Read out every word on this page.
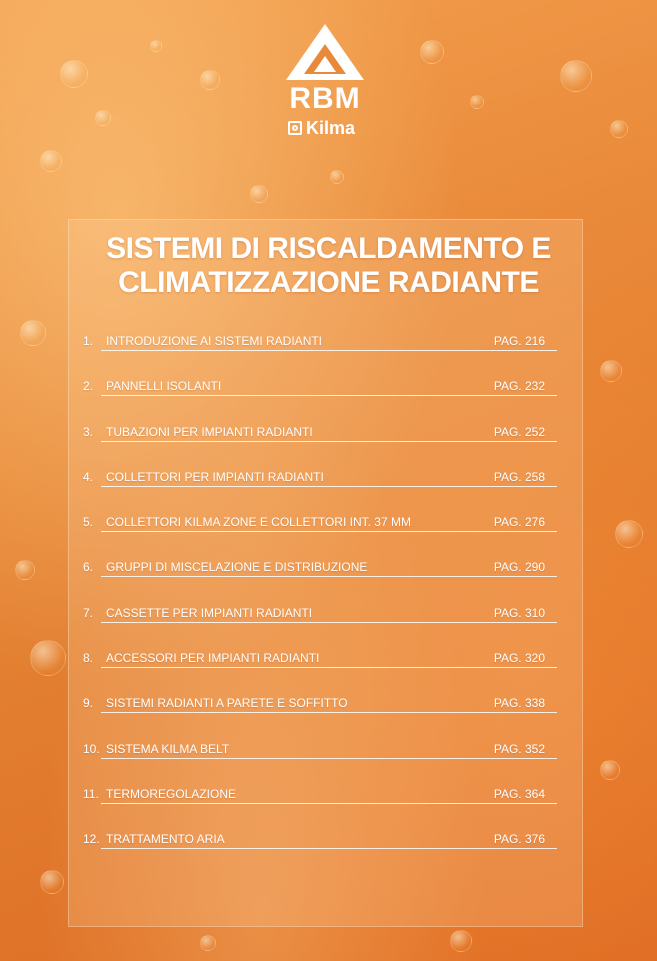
RBM
Kilma
SISTEMI DI RISCALDAMENTO E
CLIMATIZZAZIONE RADIANTE
1. INTRODUZIONE AI SISTEMI RADIANTI	PAG. 216
2. PANNELLI ISOLANTI	PAG. 232
3. TUBAZIONI PER IMPIANTI RADIANTI	PAG. 252
4. COLLETTORI PER IMPIANTI RADIANTI	PAG. 258
5. COLLETTORI KILMA ZONE E COLLETTORI INT. 37 MM	PAG. 276
6. GRUPPI DI MISCELAZIONE E DISTRIBUZIONE	PAG. 290
7. CASSETTE PER IMPIANTI RADIANTI	PAG. 310
8. ACCESSORI PER IMPIANTI RADIANTI	PAG. 320
9. SISTEMI RADIANTI A PARETE E SOFFITTO	PAG. 338
10. SISTEMA KILMA BELT	PAG. 352
11. TERMOREGOLAZIONE	PAG. 364
12. TRATTAMENTO ARIA	PAG. 376
